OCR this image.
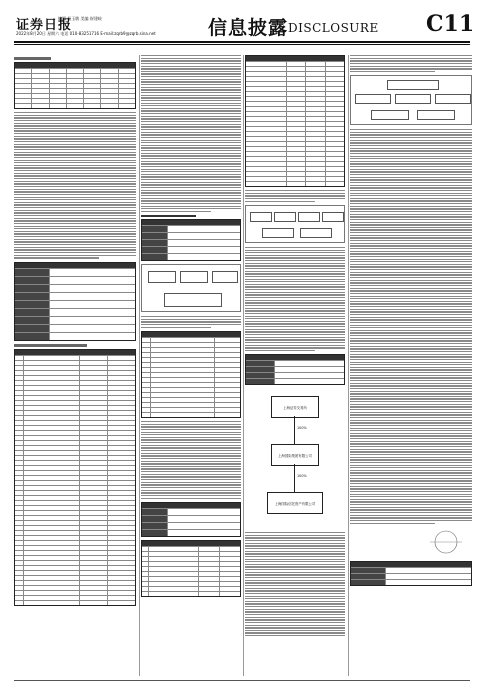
证券日报
编辑 杨玉敏 美编 崔建岐
2022年8月20日 星期六 电话 010-83251716 E-mail:zqrb9@zqrb.sina.net	信息披露 DISCLOSURE C11
上海证券交易所
100%
上海国际集团有限公司
100%
上海国际信托资产有限公司
